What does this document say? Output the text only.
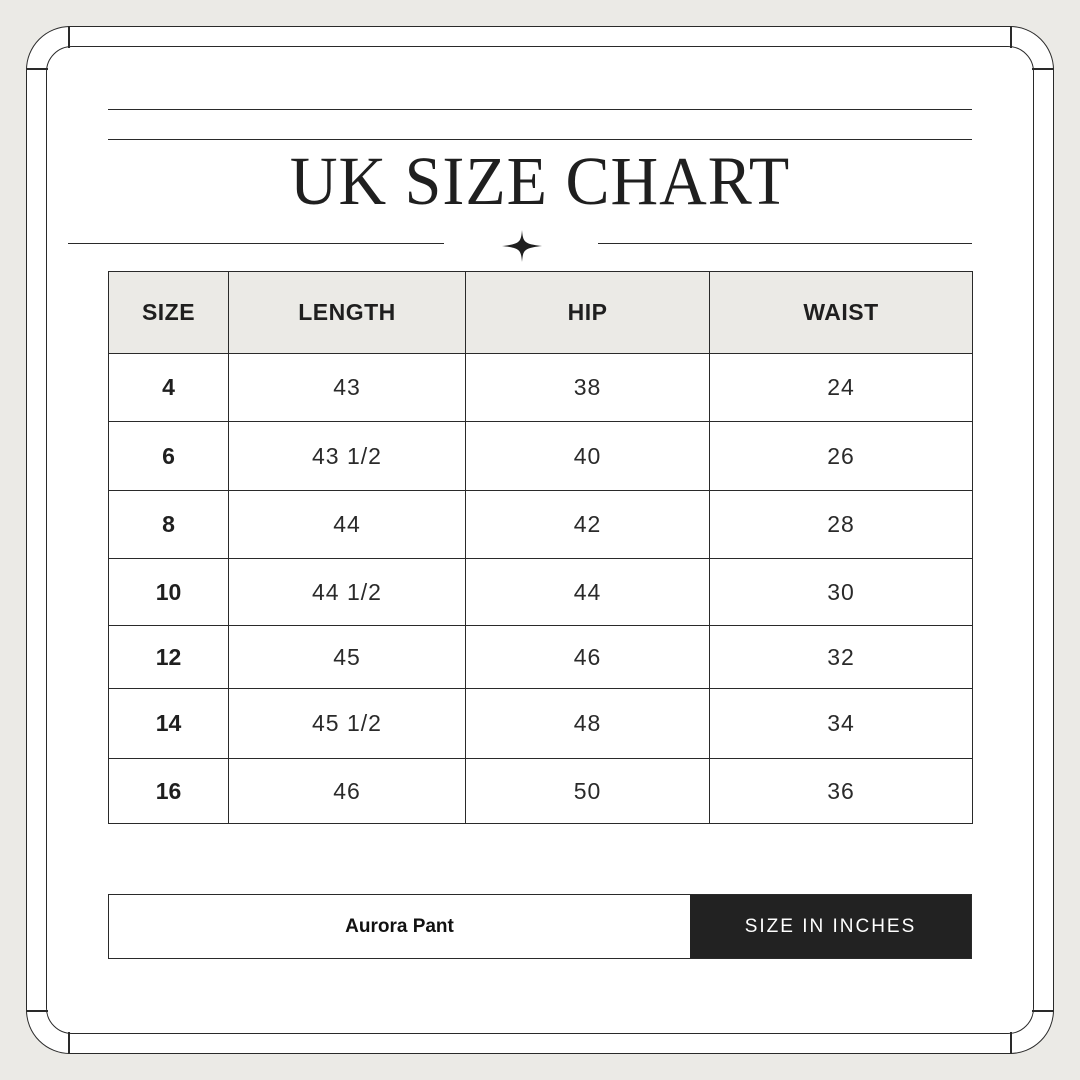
UK SIZE CHART
SIZE	LENGTH	HIP	WAIST
4	43	38	24
6	43 1/2	40	26
8	44	42	28
10	44 1/2	44	30
12	45	46	32
14	45 1/2	48	34
16	46	50	36
Aurora Pant	SIZE IN INCHES
